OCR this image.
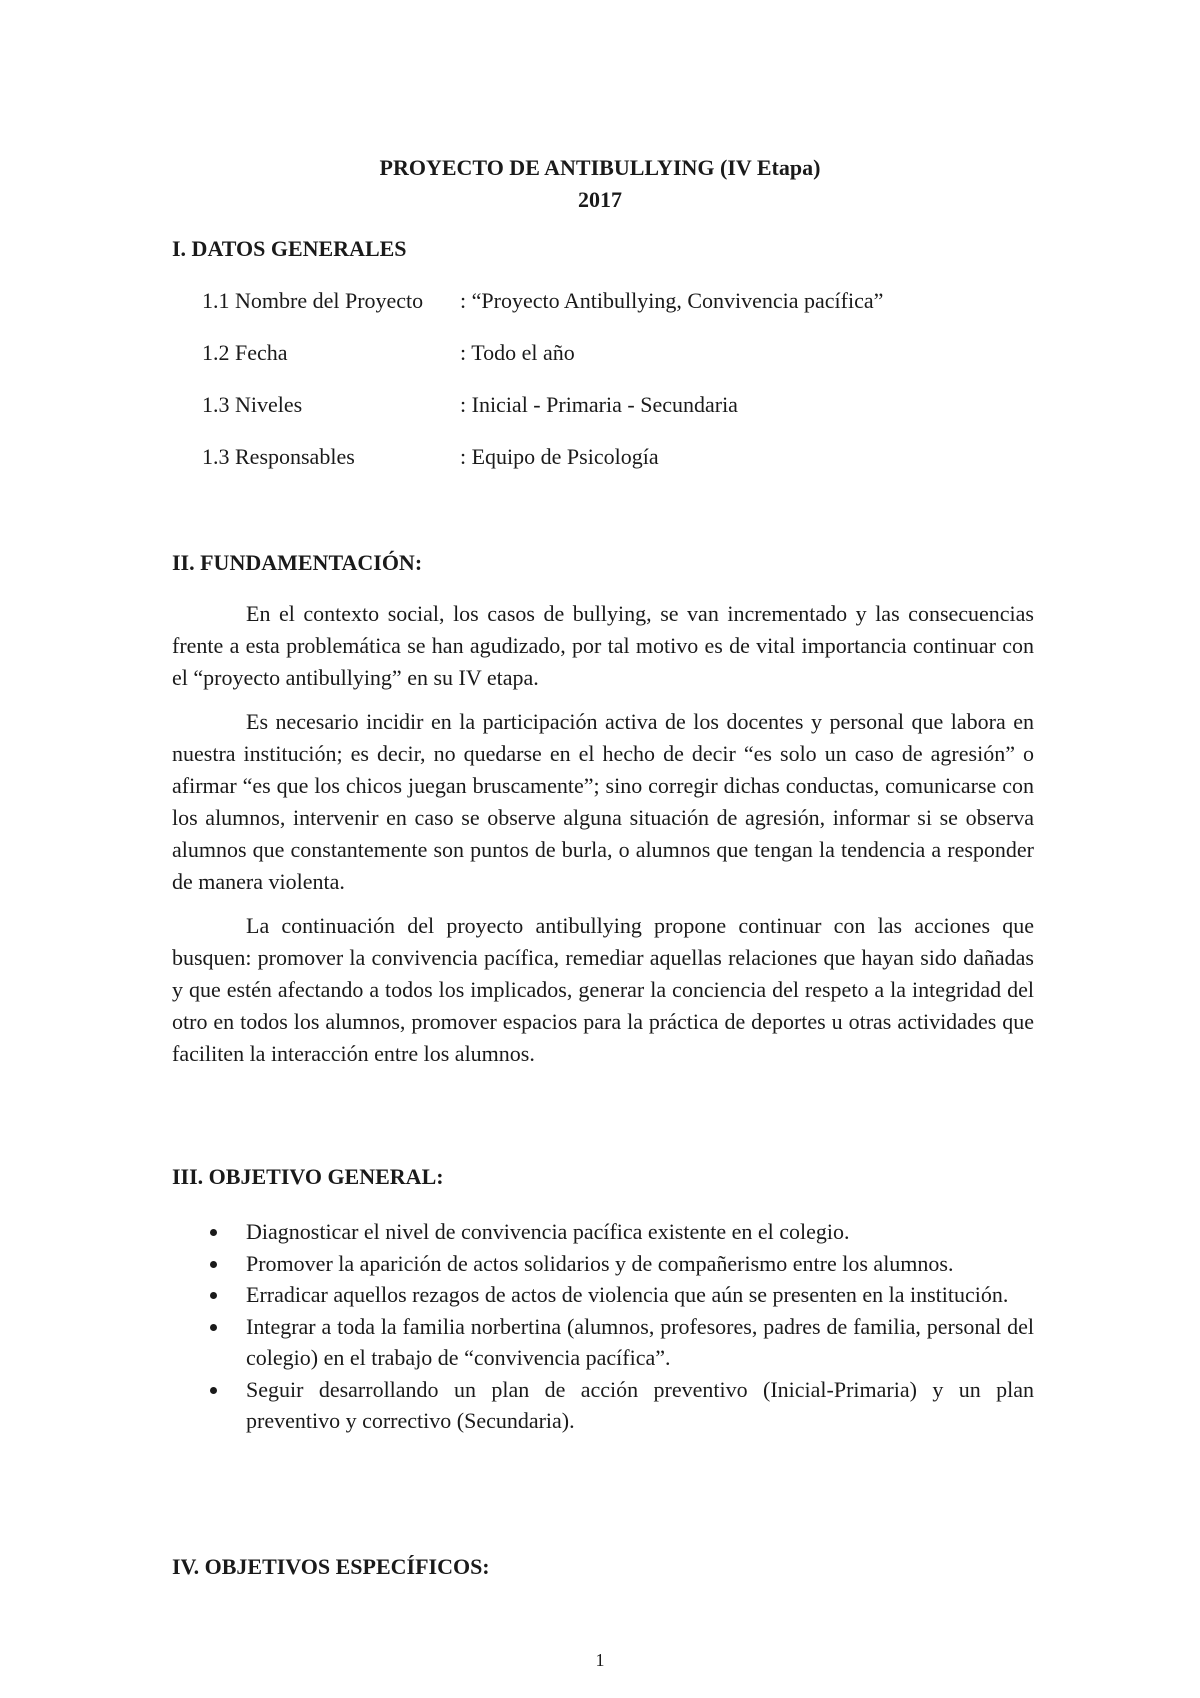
PROYECTO DE ANTIBULLYING (IV Etapa)
2017
I. DATOS GENERALES
1.1 Nombre del Proyecto	: “Proyecto Antibullying, Convivencia pacífica”
1.2 Fecha	: Todo el año
1.3 Niveles	: Inicial - Primaria - Secundaria
1.3 Responsables	: Equipo de Psicología
II. FUNDAMENTACIÓN:

En el contexto social, los casos de bullying, se van incrementado y las consecuencias frente a esta problemática se han agudizado, por tal motivo es de vital importancia continuar con el “proyecto antibullying” en su IV etapa.

Es necesario incidir en la participación activa de los docentes y personal que labora en nuestra institución; es decir, no quedarse en el hecho de decir “es solo un caso de agresión” o afirmar “es que los chicos juegan bruscamente”; sino corregir dichas conductas, comunicarse con los alumnos, intervenir en caso se observe alguna situación de agresión, informar si se observa alumnos que constantemente son puntos de burla, o alumnos que tengan la tendencia a responder de manera violenta.

La continuación del proyecto antibullying propone continuar con las acciones que busquen: promover la convivencia pacífica, remediar aquellas relaciones que hayan sido dañadas y que estén afectando a todos los implicados, generar la conciencia del respeto a la integridad del otro en todos los alumnos, promover espacios para la práctica de deportes u otras actividades que faciliten la interacción entre los alumnos.

III. OBJETIVO GENERAL:
Diagnosticar el nivel de convivencia pacífica existente en el colegio.
Promover la aparición de actos solidarios y de compañerismo entre los alumnos.
Erradicar aquellos rezagos de actos de violencia que aún se presenten en la institución.
Integrar a toda la familia norbertina (alumnos, profesores, padres de familia, personal del colegio) en el trabajo de “convivencia pacífica”.
Seguir desarrollando un plan de acción preventivo (Inicial-Primaria) y un plan preventivo y correctivo (Secundaria).
IV. OBJETIVOS ESPECÍFICOS:
1
